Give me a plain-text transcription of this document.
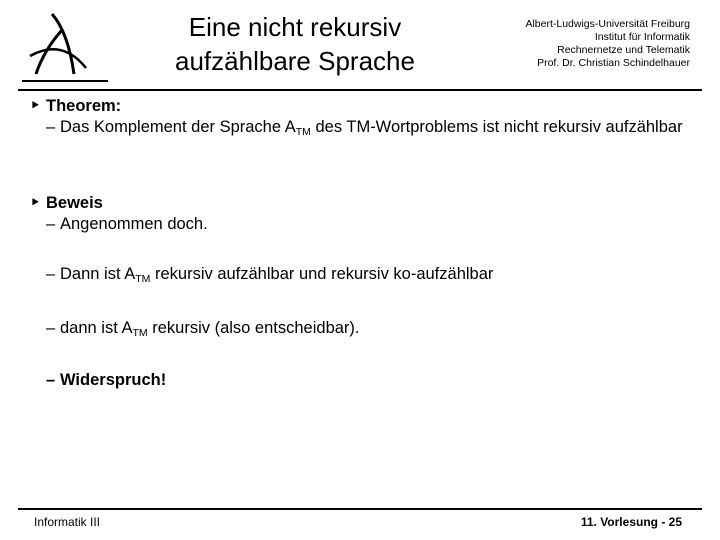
Eine nicht rekursiv
aufzählbare Sprache
Albert-Ludwigs-Universität Freiburg
Institut für Informatik
Rechnernetze und Telematik
Prof. Dr. Christian Schindelhauer
‣ Theorem:
– Das Komplement der Sprache $A_{TM}$ des TM-Wortproblems ist nicht rekursiv aufzählbar
‣ Beweis
– Angenommen doch.
– Dann ist $A_{TM}$ rekursiv aufzählbar und rekursiv ko-aufzählbar
– dann ist $A_{TM}$ rekursiv (also entscheidbar).
– Widerspruch!
Informatik III	11. Vorlesung - 25
